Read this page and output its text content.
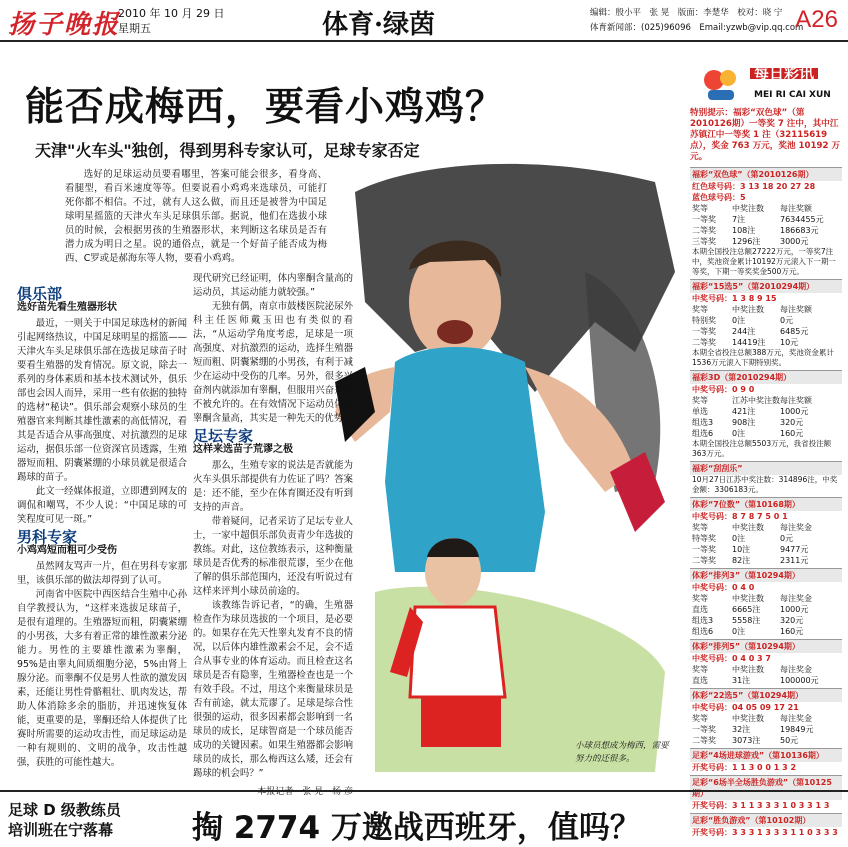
扬子晚报
2010 年 10 月 29 日
星期五	体育·绿茵	编辑：殷小平　张 晃　版面：李楚华　校对：晓 宁
体育新闻部：(025)96096　Email:yzwb@vip.qq.com
A26
能否成梅西，要看小鸡鸡？
天津"火车头"独创，得到男科专家认可，足球专家否定
选好的足球运动员要看哪里，答案可能会很多，看身高、看腿型，看百米速度等等。但要说看小鸡鸡来选球员，可能打死你都不相信。不过，就有人这么做，而且还是被誉为中国足球明星摇篮的天津火车头足球俱乐部。据说，他们在选拔小球员的时候，会根据男孩的生殖器形状，来判断这名球员是否有潜力成为明日之星。说的通俗点，就是一个好苗子能否成为梅西、C罗或是郝海东等人物，要看小鸡鸡。
俱乐部
选好苗先看生殖器形状

最近，一则关于中国足球选材的新闻引起网络热议，中国足球明星的摇篮——天津火车头足球俱乐部在选拔足球苗子时要看生殖器的发育情况。原文说，除去一系列的身体素质和基本技术测试外，俱乐部也会因人而异，采用一些有依据的独特的选材“秘诀”。俱乐部会观察小球员的生殖器官来判断其雄性激素的高低情况，看其是否适合从事高强度、对抗激烈的足球运动，据俱乐部一位资深官员透露，生殖器短而粗、阴囊紧绷的小球员就是很适合踢球的苗子。

此文一经媒体报道，立即遭到网友的调侃和嘲骂，不少人说：“中国足球的可笑程度可见一斑。”

男科专家
小鸡鸡短而粗可少受伤

虽然网友骂声一片，但在男科专家那里，该俱乐部的做法却得到了认可。

河南省中医院中西医结合生殖中心孙自学教授认为，“这样来选拔足球苗子，是很有道理的。生殖器短而粗，阴囊紧绷的小男孩，大多有着正常的雄性激素分泌能力。男性的主要雄性激素为睾酮，95%是由睾丸间质细胞分泌，5%由肾上腺分泌。而睾酮不仅是男人性欲的激发因素，还能让男性骨骼粗壮、肌肉发达，帮助人体消除多余的脂肪，并迅速恢复体能，更重要的是，睾酮还给人体提供了比赛时所需要的运动攻击性，而足球运动是一种有规则的、文明的战争，攻击性越强，获胜的可能性越大。

现代研究已经证明，体内睾酮含量高的运动员，其运动能力就较强。”

无独有偶，南京市鼓楼医院泌尿外科主任医师戴玉田也有类似的看法，“从运动学角度考虑，足球是一项高强度、对抗激烈的运动，选择生殖器短而粗、阴囊紧绷的小男孩，有利于减少在运动中受伤的几率。另外，很多兴奋剂内就添加有睾酮，但服用兴奋剂是不被允许的。在有效情况下运动员体内睾酮含量高，其实是一种先天的优势。”

足坛专家
这样来选苗子荒谬之极

那么，生殖专家的说法是否就能为火车头俱乐部提供有力佐证了吗？答案是：还不能，至少在体育圈还没有听到支持的声音。

带着疑问，记者采访了足坛专业人士，一家中超俱乐部负责青少年选拔的教练。对此，这位教练表示，这种衡量球员是否优秀的标准很荒谬，至少在他了解的俱乐部范围内，还没有听说过有这样来评判小球员前途的。

该教练告诉记者，“的确，生殖器检查作为球员选拔的一个项目，是必要的。如果存在先天性睾丸发育不良的情况，以后体内雄性激素会不足，会不适合从事专业的体育运动。而且检查这名球员是否有隐睾，生殖器检查也是一个有效手段。不过，用这个来衡量球员是否有前途，就太荒谬了。足球是综合性很强的运动，很多因素都会影响到一名球员的成长，足球智商是一个球员能否成功的关键因素。如果生殖器都会影响球员的成长，那么梅西这么矮，还会有踢球的机会吗？”

本报记者　张 晃　杨 彦
小球员想成为梅西，需要努力的还很多。
每日彩讯
MEI RI CAI XUN
特别提示：福彩“双色球”（第2010126期）一等奖 7 注中，其中江苏镇江中一等奖 1 注（32115619点），奖金 763 万元，奖池 10192 万元。
福彩“双色球”（第2010126期）
红色球号码：3 13 18 20 27 28
蓝色球号码：5
奖等	中奖注数	每注奖额
一等奖	7注	7634455元
二等奖	108注	186683元
三等奖	1296注	3000元
本期全国投注总额27222万元，一等奖7注中，奖池资金累计10192万元滚入下一期一等奖，下期一等奖奖金500万元。
福彩“15选5”（第2010294期）
中奖号码：1 3 8 9 15
奖等	中奖注数	每注奖额
特别奖	0注	0元
一等奖	244注	6485元
二等奖	14419注	10元
本期全省投注总额388万元，奖池资金累计1536万元滚入下期特别奖。
福彩3D（第2010294期）
中奖号码：0 9 0
奖等	江苏中奖注数 每注奖额
单选	421注	1000元
组选3	908注	320元
组选6	0注	160元
本期全国投注总额5503万元，我省投注额363万元。
福彩“刮刮乐”
10月27日江苏中奖注数：314896注，中奖金额：3306183元。
体彩“7位数”（第10168期）
中奖号码：8 7 8 7 5 0 1
奖等	中奖注数	每注奖金
特等奖	0注	0元
一等奖	10注	9477元
二等奖	82注	2311元
体彩“排列3”（第10294期）
中奖号码：0 4 0
奖等	中奖注数	每注奖金
直选	6665注	1000元
组选3	5558注	320元
组选6	0注	160元
体彩“排列5”（第10294期）
中奖号码：0 4 0 3 7
奖等	中奖注数	每注奖金
直选	31注	100000元
体彩“22选5”（第10294期）
中奖号码：04 05 09 17 21
奖等	中奖注数	每注奖金
一等奖	32注	19849元
二等奖	3073注	50元
足彩“4场进球游戏”（第10136期）
开奖号码：1 1 3 0 0 1 3 2
足彩“6场半全场胜负游戏”（第10125期）
开奖号码：3 1 1 3 3 3 1 0 3 3 1 3
足彩“胜负游戏”（第10102期）
开奖号码：3 3 3 1 3 3 3 1 1 0 3 3 3
足球 D 级教练员
培训班在宁落幕	掏 2774 万邀战西班牙，值吗？
